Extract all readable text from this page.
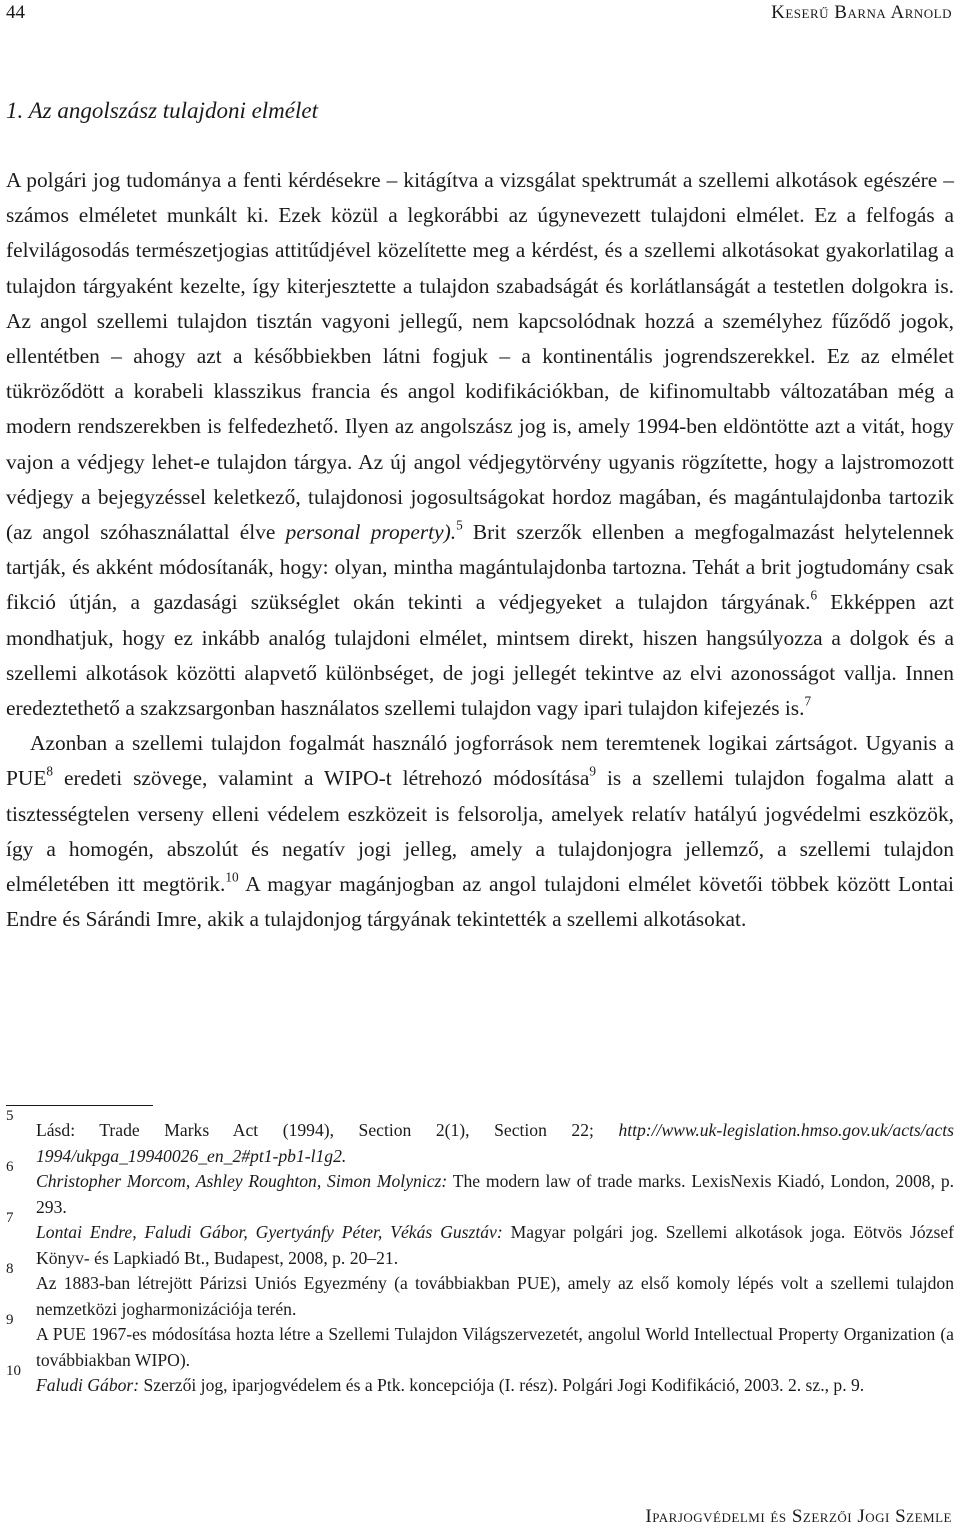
44	Keserű Barna Arnold
1. Az angolszász tulajdoni elmélet

A polgári jog tudománya a fenti kérdésekre – kitágítva a vizsgálat spektrumát a szellemi alkotások egészére – számos elméletet munkált ki. Ezek közül a legkorábbi az úgynevezett tulajdoni elmélet. Ez a felfogás a felvilágosodás természetjogias attitűdjével közelítette meg a kérdést, és a szellemi alkotásokat gyakorlatilag a tulajdon tárgyaként kezelte, így kiterjesztette a tulajdon szabadságát és korlátlanságát a testetlen dolgokra is. Az angol szellemi tulajdon tisztán vagyoni jellegű, nem kapcsolódnak hozzá a személyhez fűződő jogok, ellentétben – ahogy azt a későbbiekben látni fogjuk – a kontinentális jogrendszerekkel. Ez az elmélet tükröződött a korabeli klasszikus francia és angol kodifikációkban, de kifinomultabb változatában még a modern rendszerekben is felfedezhető. Ilyen az angolszász jog is, amely 1994-ben eldöntötte azt a vitát, hogy vajon a védjegy lehet-e tulajdon tárgya. Az új angol védjegytörvény ugyanis rögzítette, hogy a lajstromozott védjegy a bejegyzéssel keletkező, tulajdonosi jogosultságokat hordoz magában, és magántulajdonba tartozik (az angol szóhasználattal élve personal property).$^5$ Brit szerzők ellenben a megfogalmazást helytelennek tartják, és akként módosítanák, hogy: olyan, mintha magántulajdonba tartozna. Tehát a brit jogtudomány csak fikció útján, a gazdasági szükséglet okán tekinti a védjegyeket a tulajdon tárgyának.$^6$ Ekképpen azt mondhatjuk, hogy ez inkább analóg tulajdoni elmélet, mintsem direkt, hiszen hangsúlyozza a dolgok és a szellemi alkotások közötti alapvető különbséget, de jogi jellegét tekintve az elvi azonosságot vallja. Innen eredeztethető a szakzsargonban használatos szellemi tulajdon vagy ipari tulajdon kifejezés is.$^7$

Azonban a szellemi tulajdon fogalmát használó jogforrások nem teremtenek logikai zártságot. Ugyanis a PUE$^8$ eredeti szövege, valamint a WIPO-t létrehozó módosítása$^9$ is a szellemi tulajdon fogalma alatt a tisztességtelen verseny elleni védelem eszközeit is felsorolja, amelyek relatív hatályú jogvédelmi eszközök, így a homogén, abszolút és negatív jogi jelleg, amely a tulajdonjogra jellemző, a szellemi tulajdon elméletében itt megtörik.$^{10}$ A magyar magánjogban az angol tulajdoni elmélet követői többek között Lontai Endre és Sárándi Imre, akik a tulajdonjog tárgyának tekintették a szellemi alkotásokat.

5
Lásd: Trade Marks Act (1994), Section 2(1), Section 22; http://www.uk-legislation.hmso.gov.uk/acts/acts 1994/ukpga_19940026_en_2#pt1-pb1-l1g2.
6
Christopher Morcom, Ashley Roughton, Simon Molynicz: The modern law of trade marks. LexisNexis Kiadó, London, 2008, p. 293.
7
Lontai Endre, Faludi Gábor, Gyertyánfy Péter, Vékás Gusztáv: Magyar polgári jog. Szellemi alkotások joga. Eötvös József Könyv- és Lapkiadó Bt., Budapest, 2008, p. 20–21.
8
Az 1883-ban létrejött Párizsi Uniós Egyezmény (a továbbiakban PUE), amely az első komoly lépés volt a szellemi tulajdon nemzetközi jogharmonizációja terén.
9
A PUE 1967-es módosítása hozta létre a Szellemi Tulajdon Világszervezetét, angolul World Intellectual Property Organization (a továbbiakban WIPO).
10
Faludi Gábor: Szerzői jog, iparjogvédelem és a Ptk. koncepciója (I. rész). Polgári Jogi Kodifikáció, 2003. 2. sz., p. 9.
Iparjogvédelmi és Szerzői Jogi Szemle
